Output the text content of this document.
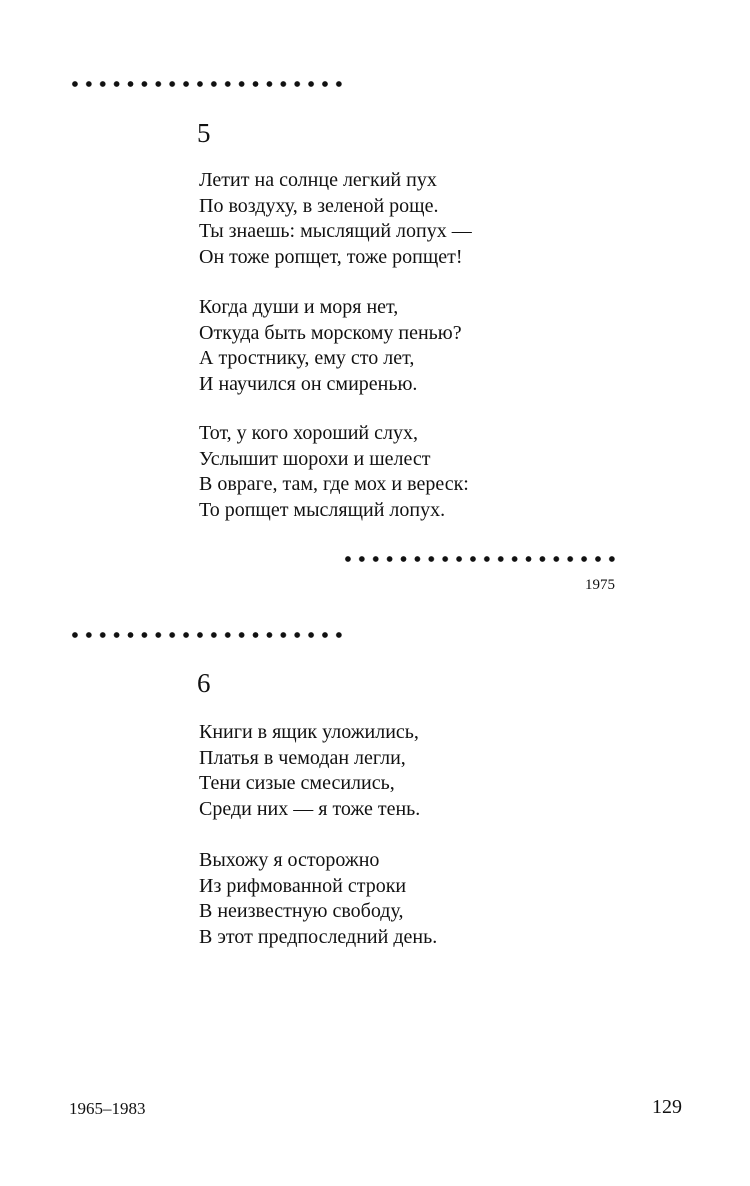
5
Летит на солнце легкий пух
По воздуху, в зеленой роще.
Ты знаешь: мыслящий лопух —
Он тоже ропщет, тоже ропщет!
Когда души и моря нет,
Откуда быть морскому пенью?
А тростнику, ему сто лет,
И научился он смиренью.
Тот, у кого хороший слух,
Услышит шорохи и шелест
В овраге, там, где мох и вереск:
То ропщет мыслящий лопух.
1975
6
Книги в ящик уложились,
Платья в чемодан легли,
Тени сизые смесились,
Среди них — я тоже тень.
Выхожу я осторожно
Из рифмованной строки
В неизвестную свободу,
В этот предпоследний день.
1965–1983	129
